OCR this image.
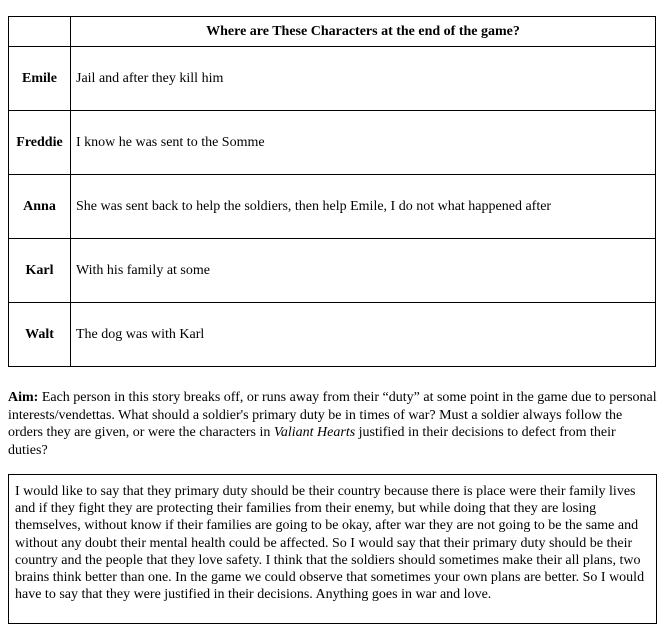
	Where are These Characters at the end of the game?
Emile	Jail and after they kill him
Freddie	I know he was sent to the Somme
Anna	She was sent back to help the soldiers, then help Emile, I do not what happened after
Karl	With his family at some
Walt	The dog was with Karl

Aim: Each person in this story breaks off, or runs away from their “duty” at some point in the game due to personal interests/vendettas. What should a soldier's primary duty be in times of war? Must a soldier always follow the orders they are given, or were the characters in Valiant Hearts justified in their decisions to defect from their duties?

I would like to say that they primary duty should be their country because there is place were their family lives and if they fight they are protecting their families from their enemy, but while doing that they are losing themselves, without know if their families are going to be okay, after war they are not going to be the same and without any doubt their mental health could be affected. So I would say that their primary duty should be their country and the people that they love safety. I think that the soldiers should sometimes make their all plans, two brains think better than one. In the game we could observe that sometimes your own plans are better. So I would have to say that they were justified in their decisions. Anything goes in war and love.
